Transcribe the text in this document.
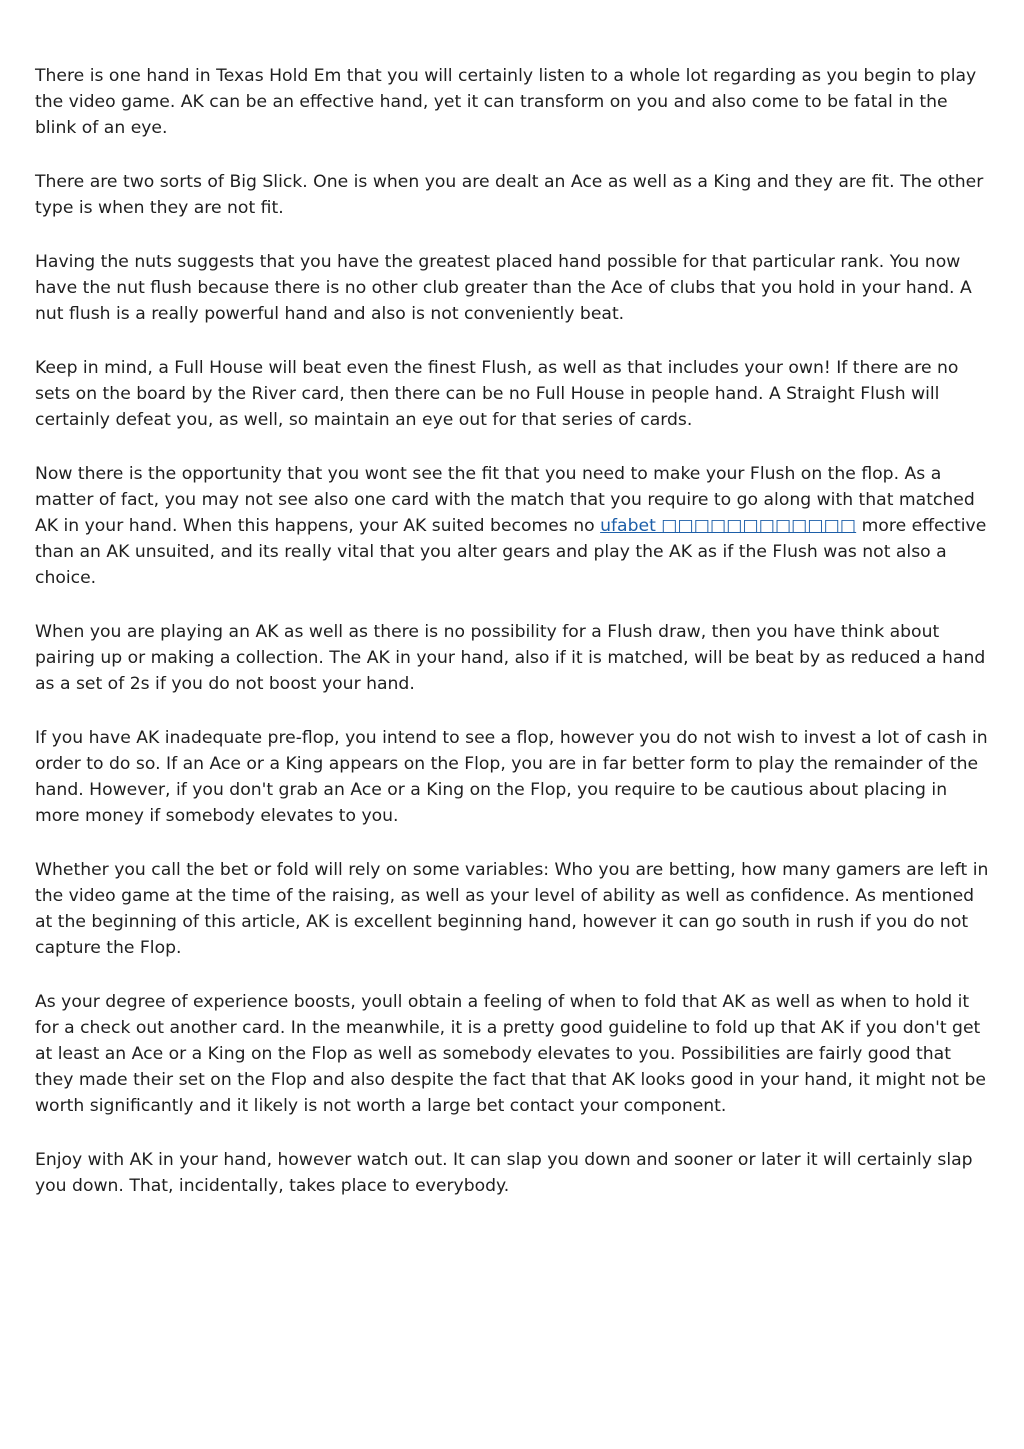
There is one hand in Texas Hold Em that you will certainly listen to a whole lot regarding as you begin to play the video game. AK can be an effective hand, yet it can transform on you and also come to be fatal in the blink of an eye.

There are two sorts of Big Slick. One is when you are dealt an Ace as well as a King and they are fit. The other type is when they are not fit.

Having the nuts suggests that you have the greatest placed hand possible for that particular rank. You now have the nut flush because there is no other club greater than the Ace of clubs that you hold in your hand. A nut flush is a really powerful hand and also is not conveniently beat.

Keep in mind, a Full House will beat even the finest Flush, as well as that includes your own! If there are no sets on the board by the River card, then there can be no Full House in people hand. A Straight Flush will certainly defeat you, as well, so maintain an eye out for that series of cards.

Now there is the opportunity that you wont see the fit that you need to make your Flush on the flop. As a matter of fact, you may not see also one card with the match that you require to go along with that matched AK in your hand. When this happens, your AK suited becomes no ufabet □□□□□□□□□□□□ more effective than an AK unsuited, and its really vital that you alter gears and play the AK as if the Flush was not also a choice.

When you are playing an AK as well as there is no possibility for a Flush draw, then you have think about pairing up or making a collection. The AK in your hand, also if it is matched, will be beat by as reduced a hand as a set of 2s if you do not boost your hand.

If you have AK inadequate pre-flop, you intend to see a flop, however you do not wish to invest a lot of cash in order to do so. If an Ace or a King appears on the Flop, you are in far better form to play the remainder of the hand. However, if you don't grab an Ace or a King on the Flop, you require to be cautious about placing in more money if somebody elevates to you.

Whether you call the bet or fold will rely on some variables: Who you are betting, how many gamers are left in the video game at the time of the raising, as well as your level of ability as well as confidence. As mentioned at the beginning of this article, AK is excellent beginning hand, however it can go south in rush if you do not capture the Flop.

As your degree of experience boosts, youll obtain a feeling of when to fold that AK as well as when to hold it for a check out another card. In the meanwhile, it is a pretty good guideline to fold up that AK if you don't get at least an Ace or a King on the Flop as well as somebody elevates to you. Possibilities are fairly good that they made their set on the Flop and also despite the fact that that AK looks good in your hand, it might not be worth significantly and it likely is not worth a large bet contact your component.

Enjoy with AK in your hand, however watch out. It can slap you down and sooner or later it will certainly slap you down. That, incidentally, takes place to everybody.
